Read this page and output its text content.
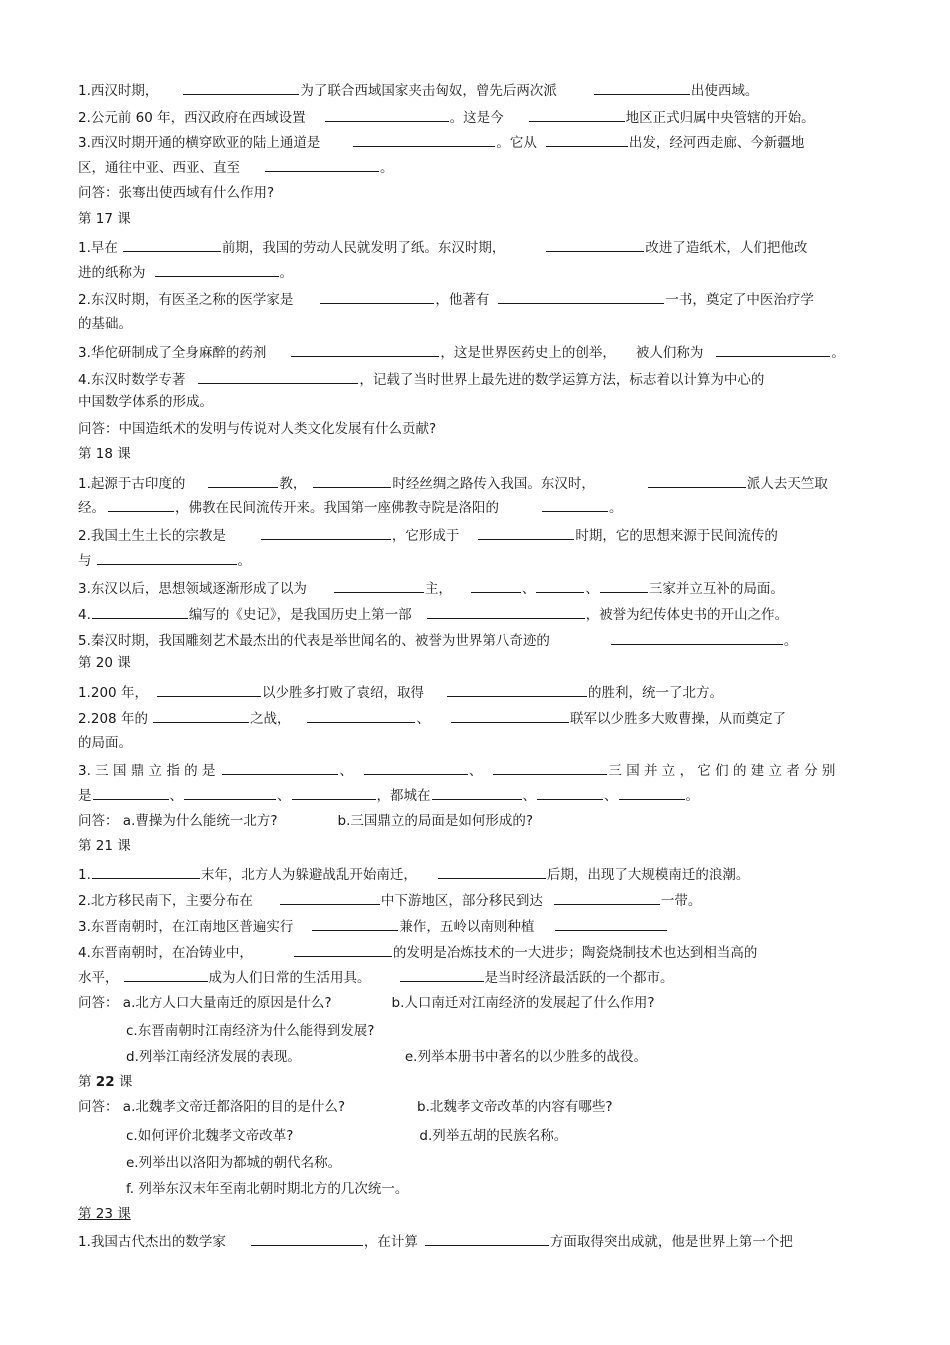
1.西汉时期，	为了联合西域国家夹击匈奴，曾先后两次派	出使西域。
2.公元前 60 年，西汉政府在西域设置	。这是今	地区正式归属中央管辖的开始。
3.西汉时期开通的横穿欧亚的陆上通道是	。它从	出发，经河西走廊、今新疆地
区，通往中亚、西亚、直至	。
问答：张骞出使西域有什么作用?
第 17 课
1.早在	前期，我国的劳动人民就发明了纸。东汉时期，	改进了造纸术，人们把他改
进的纸称为	。
2.东汉时期，有医圣之称的医学家是	，他著有	一书，奠定了中医治疗学
的基础。
3.华佗研制成了全身麻醉的药剂	，这是世界医药史上的创举， 被人们称为	。
4.东汉时数学专著	，记载了当时世界上最先进的数学运算方法，标志着以计算为中心的
中国数学体系的形成。
问答：中国造纸术的发明与传说对人类文化发展有什么贡献?
第 18 课
1.起源于古印度的	教，	时经丝绸之路传入我国。东汉时，	派人去天竺取
经。	，佛教在民间流传开来。我国第一座佛教寺院是洛阳的	。
2.我国土生土长的宗教是	，它形成于	时期，它的思想来源于民间流传的
与	。
3.东汉以后，思想领域逐渐形成了以为	主，	、	、	三家并立互补的局面。
4.	编写的《史记》，是我国历史上第一部	，被誉为纪传体史书的开山之作。
5.秦汉时期，我国雕刻艺术最杰出的代表是举世闻名的、被誉为世界第八奇迹的	。
第 20 课
1.200 年，	以少胜多打败了袁绍，取得	的胜利，统一了北方。
2.208 年的	之战，	、	联军以少胜多大败曹操，从而奠定了
的局面。
3. 三 国 鼎 立 指 的 是	、	、	三 国 并 立 ， 它 们 的 建 立 者 分 别
是	、	、	，都城在	、	、	。
问答： a.曹操为什么能统一北方?	b.三国鼎立的局面是如何形成的?
第 21 课
1.	末年，北方人为躲避战乱开始南迁，	后期，出现了大规模南迁的浪潮。
2.北方移民南下，主要分布在	中下游地区，部分移民到达	一带。
3.东晋南朝时，在江南地区普遍实行	兼作，五岭以南则种植
4.东晋南朝时，在冶铸业中，	的发明是冶炼技术的一大进步；陶瓷烧制技术也达到相当高的
水平，	成为人们日常的生活用具。	是当时经济最活跃的一个都市。
问答： a.北方人口大量南迁的原因是什么?	b.人口南迁对江南经济的发展起了什么作用?
c.东晋南朝时江南经济为什么能得到发展?
d.列举江南经济发展的表现。	e.列举本册书中著名的以少胜多的战役。
第 22 课
问答： a.北魏孝文帝迁都洛阳的目的是什么?	b.北魏孝文帝改革的内容有哪些?
c.如何评价北魏孝文帝改革?	d.列举五胡的民族名称。
e.列举出以洛阳为都城的朝代名称。
f. 列举东汉末年至南北朝时期北方的几次统一。
第 23 课
1.我国古代杰出的数学家	，在计算	方面取得突出成就，他是世界上第一个把
